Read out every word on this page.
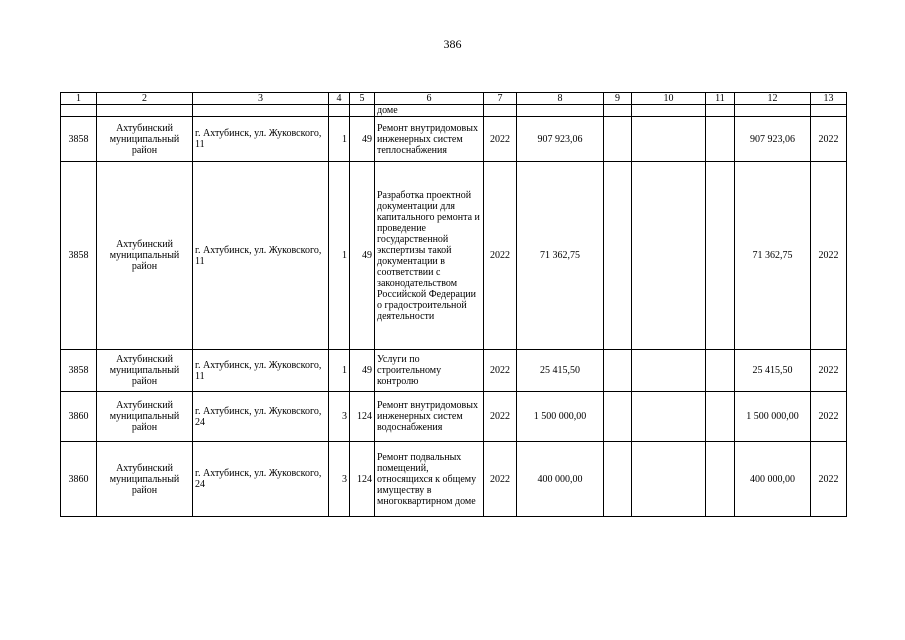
386
1	2	3	4	5	6	7	8	9	10	11	12	13
					доме							
3858	Ахтубинский муниципальный район	г. Ахтубинск, ул. Жуковского, 11	1	49	Ремонт внутридомовых инженерных систем теплоснабжения	2022	907 923,06				907 923,06	2022
3858	Ахтубинский муниципальный район	г. Ахтубинск, ул. Жуковского, 11	1	49	Разработка проектной документации для капитального ремонта и проведение государственной экспертизы такой документации в соответствии с законодательством Российской Федерации о градостроительной деятельности	2022	71 362,75				71 362,75	2022
3858	Ахтубинский муниципальный район	г. Ахтубинск, ул. Жуковского, 11	1	49	Услуги по строительному контролю	2022	25 415,50				25 415,50	2022
3860	Ахтубинский муниципальный район	г. Ахтубинск, ул. Жуковского, 24	3	124	Ремонт внутридомовых инженерных систем водоснабжения	2022	1 500 000,00				1 500 000,00	2022
3860	Ахтубинский муниципальный район	г. Ахтубинск, ул. Жуковского, 24	3	124	Ремонт подвальных помещений, относящихся к общему имуществу в многоквартирном доме	2022	400 000,00				400 000,00	2022
